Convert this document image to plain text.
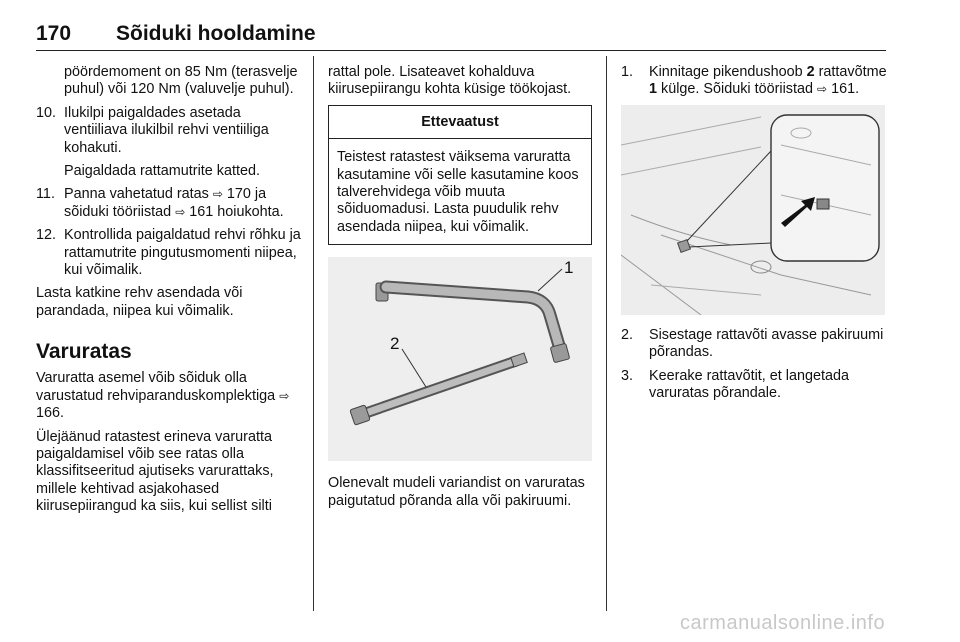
170 Sõiduki hooldamine

pöördemoment on 85 Nm (terasvelje puhul) või 120 Nm (valuvelje puhul).

10. Ilukilpi paigaldades asetada ventiiliava ilukilbil rehvi ventiiliga kohakuti.
Paigaldada rattamutrite katted.
11. Panna vahetatud ratas ⇨ 170 ja sõiduki tööriistad ⇨ 161 hoiukohta.
12. Kontrollida paigaldatud rehvi rõhku ja rattamutrite pingutusmomenti niipea, kui võimalik.

Lasta katkine rehv asendada või parandada, niipea kui võimalik.

Varuratas

Varuratta asemel võib sõiduk olla varustatud rehviparanduskomplektiga ⇨ 166.

Ülejäänud ratastest erineva varuratta paigaldamisel võib see ratas olla klassifitseeritud ajutiseks varurattaks, millele kehtivad asjakohased kiirusepiirangud ka siis, kui sellist silti

rattal pole. Lisateavet kohalduva kiirusepiirangu kohta küsige töökojast.

Ettevaatust
Teistest ratastest väiksema varuratta kasutamine või selle kasutamine koos talverehvidega võib muuta sõiduomadusi. Lasta puudulik rehv asendada niipea, kui võimalik.
1
2

Olenevalt mudeli variandist on varuratas paigutatud põranda alla või pakiruumi.

1. Kinnitage pikendushoob 2 rattavõtme 1 külge. Sõiduki tööriistad ⇨ 161.
2. Sisestage rattavõti avasse pakiruumi põrandas.
3. Keerake rattavõtit, et langetada varuratas põrandale.
carmanualsonline.info
